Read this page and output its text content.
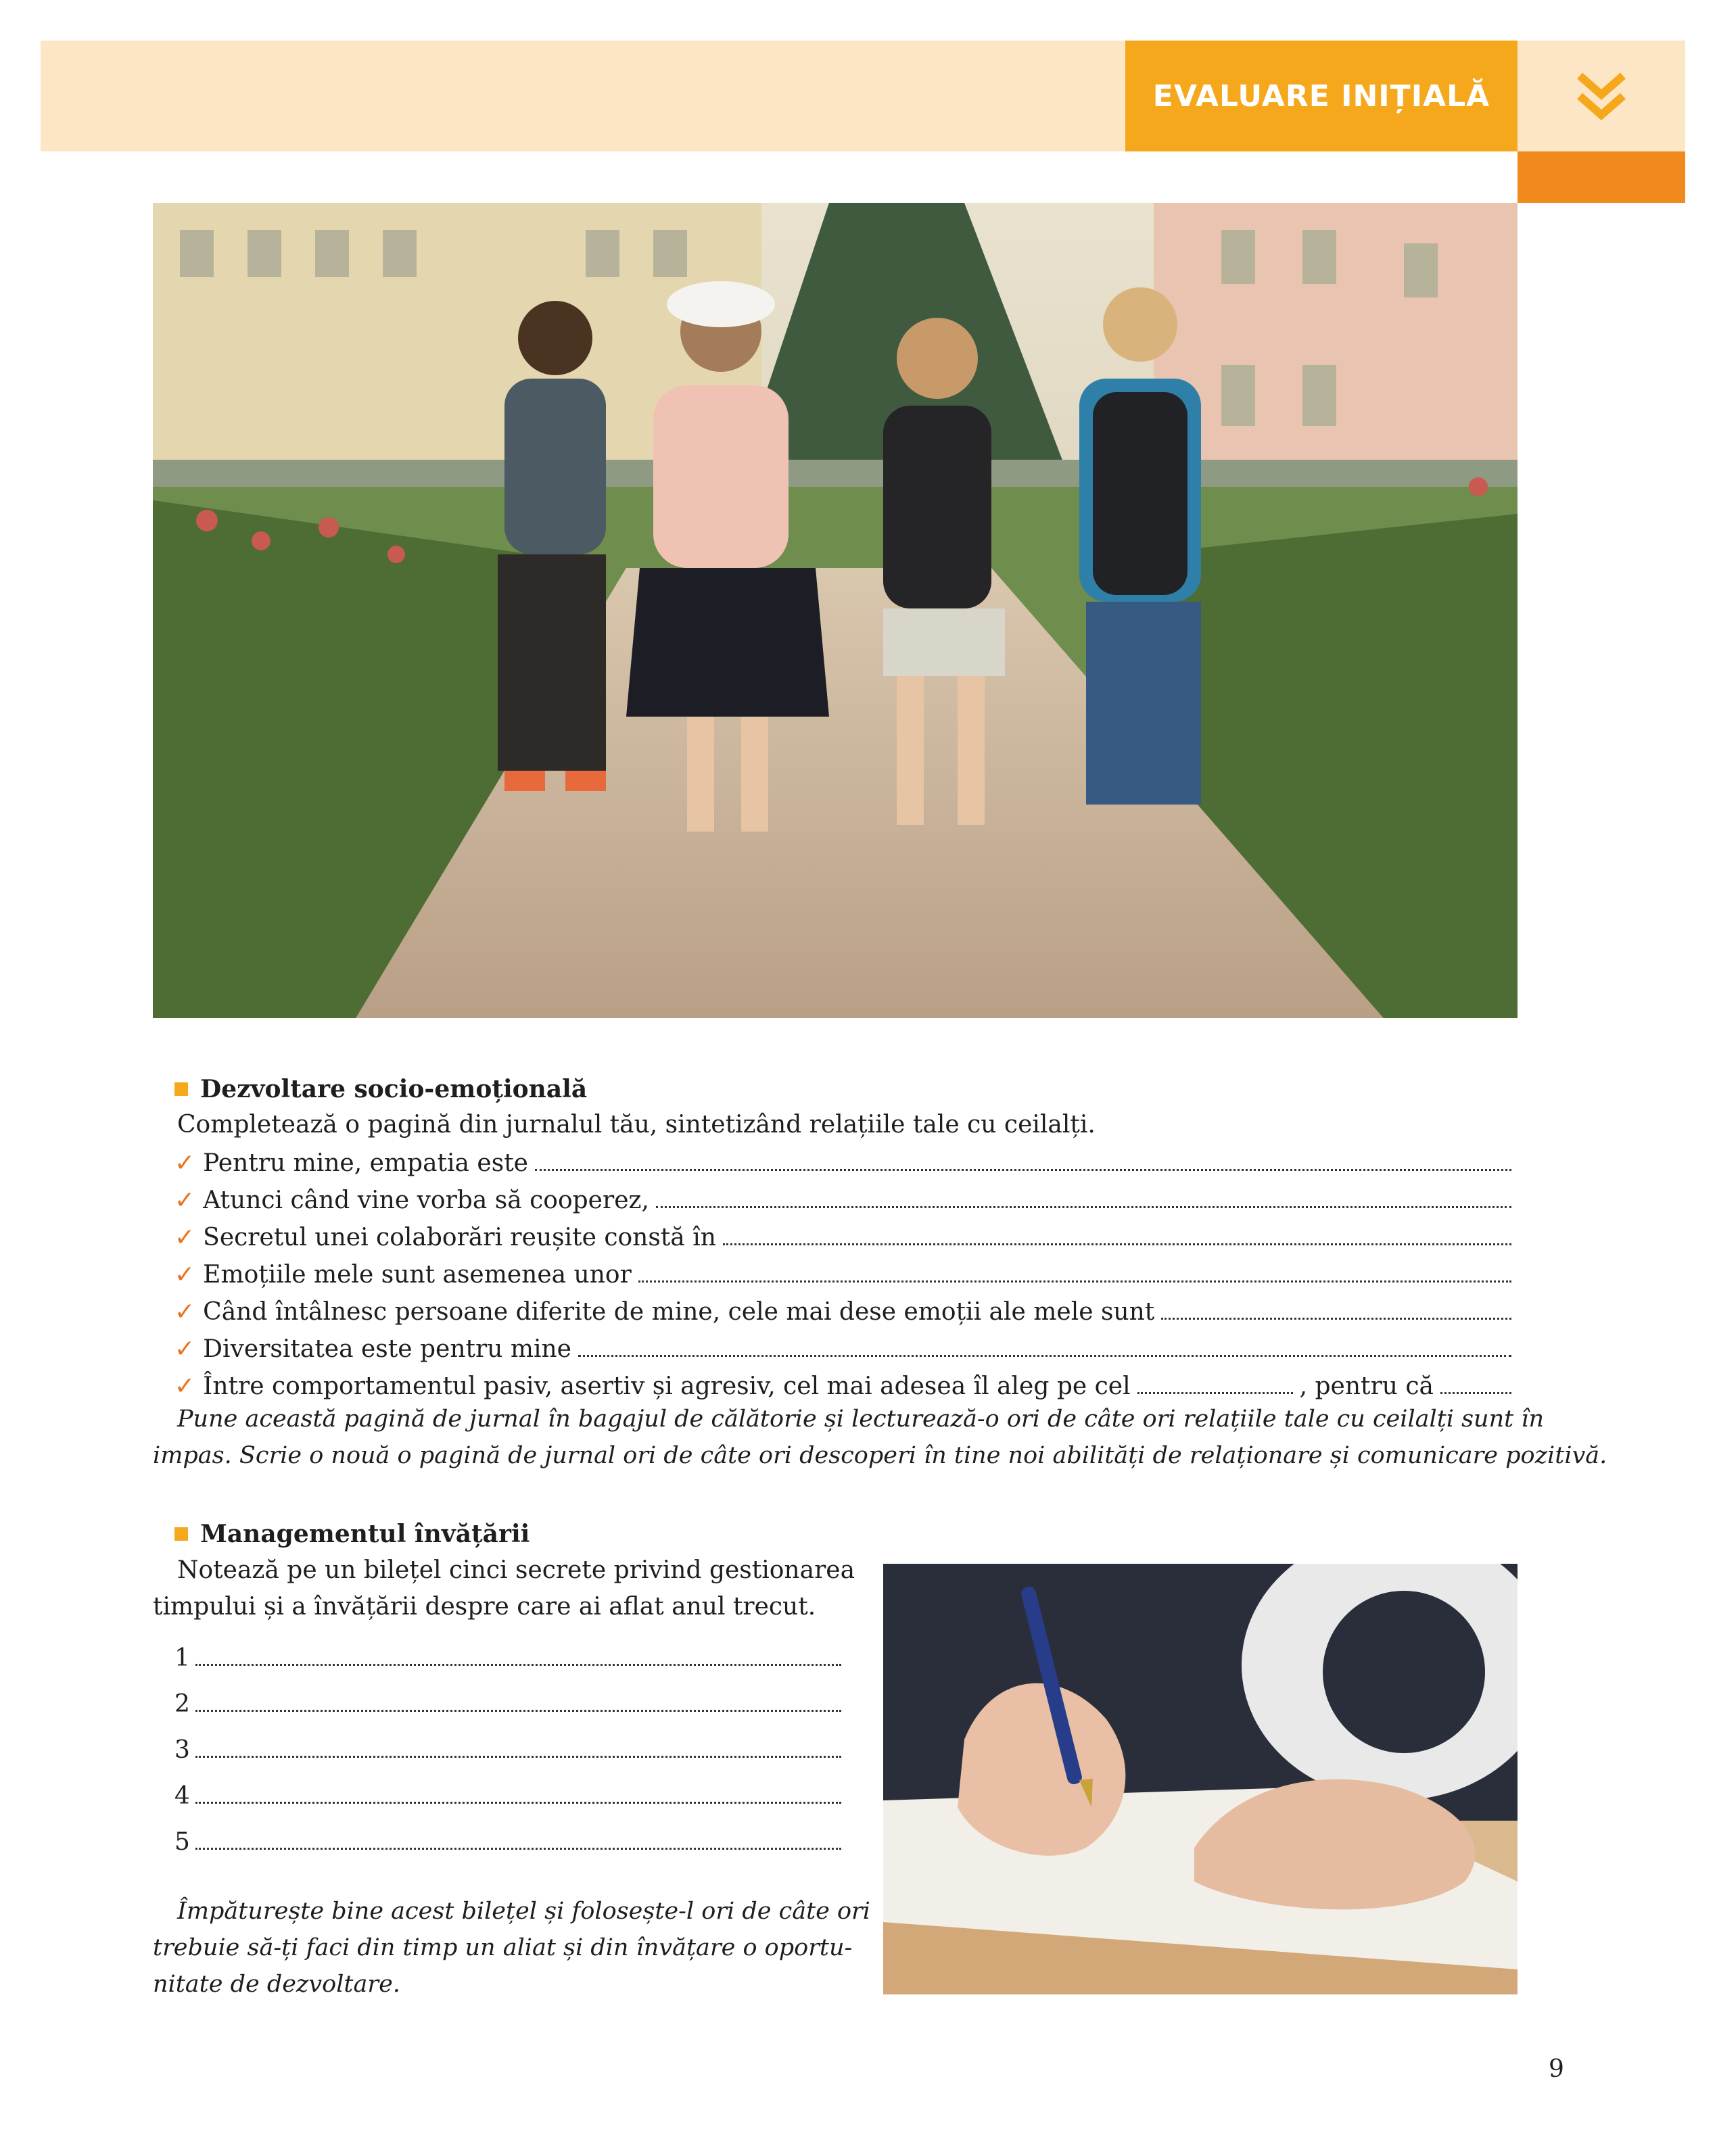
EVALUARE INIȚIALĂ
Dezvoltare socio-emoțională
Completează o pagină din jurnalul tău, sintetizând relațiile tale cu ceilalți.
✓ Pentru mine, empatia este
✓ Atunci când vine vorba să cooperez,
✓ Secretul unei colaborări reușite constă în
✓ Emoțiile mele sunt asemenea unor
✓ Când întâlnesc persoane diferite de mine, cele mai dese emoții ale mele sunt
✓ Diversitatea este pentru mine
✓ Între comportamentul pasiv, asertiv și agresiv, cel mai adesea îl aleg pe cel	, pentru că
Pune această pagină de jurnal în bagajul de călătorie și lecturează-o ori de câte ori relațiile tale cu ceilalți sunt în
impas. Scrie o nouă o pagină de jurnal ori de câte ori descoperi în tine noi abilități de relaționare și comunicare pozitivă.
Managementul învățării
Notează pe un bilețel cinci secrete privind gestionarea
timpului și a învățării despre care ai aflat anul trecut.
1
2
3
4
5
Împăturește bine acest bilețel și folosește-l ori de câte ori
trebuie să-ți faci din timp un aliat și din învățare o oportu-
nitate de dezvoltare.
9
